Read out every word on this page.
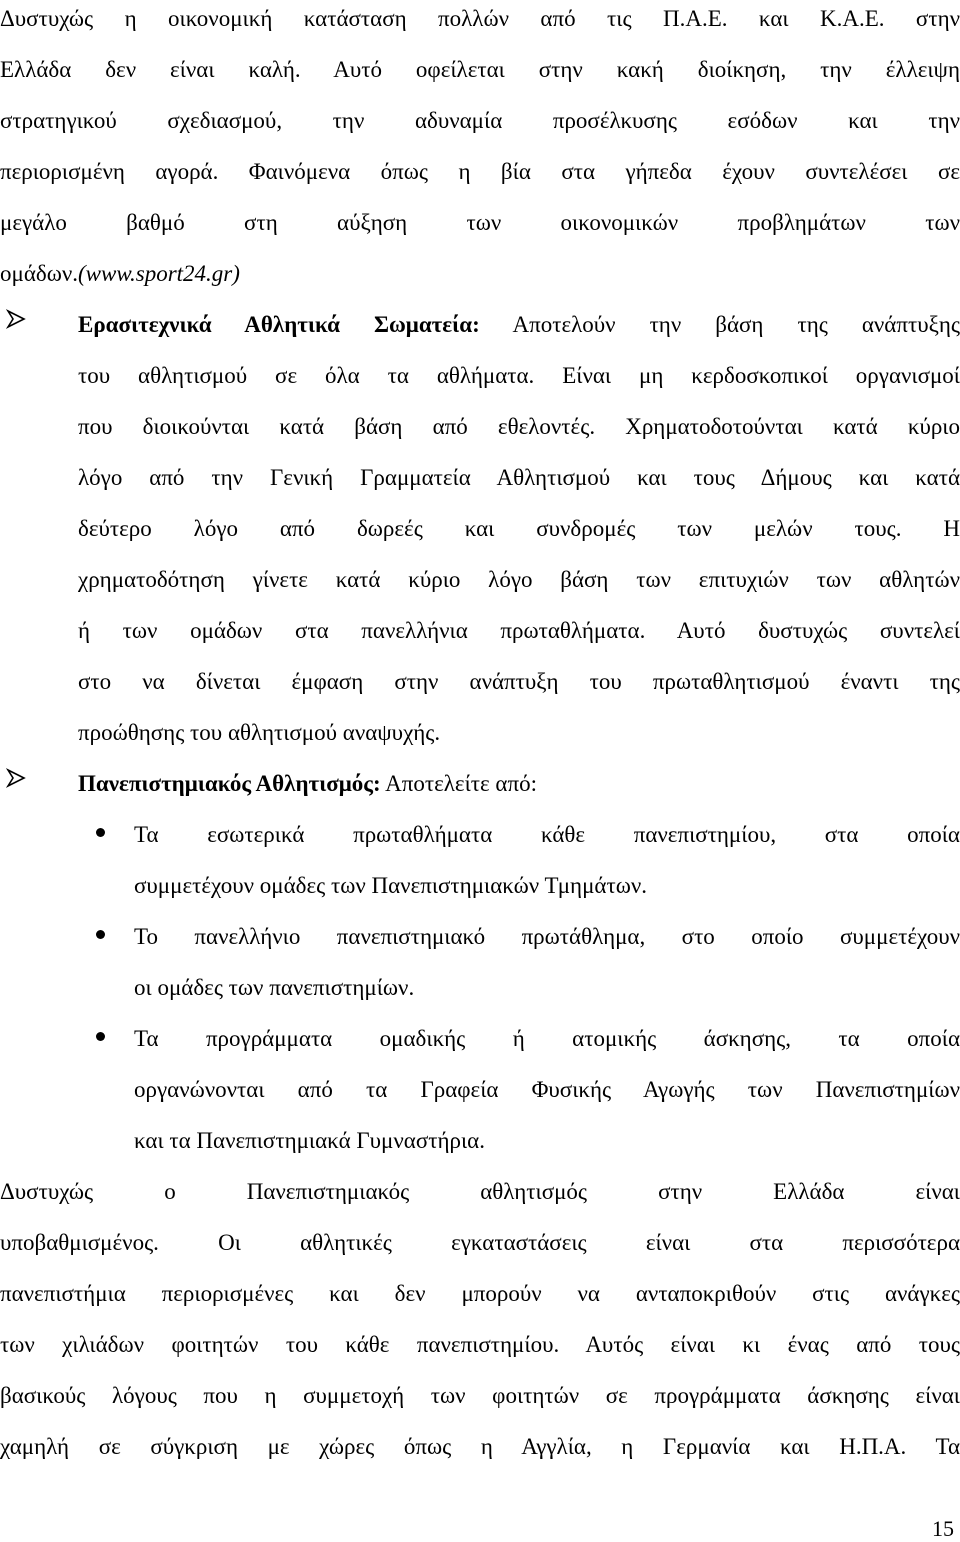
Δυστυχώς η οικονομική κατάσταση πολλών από τις Π.Α.Ε. και Κ.Α.Ε. στην
Ελλάδα δεν είναι καλή. Αυτό οφείλεται στην κακή διοίκηση, την έλλειψη
στρατηγικού σχεδιασμού, την αδυναμία προσέλκυσης εσόδων και την
περιορισμένη αγορά. Φαινόμενα όπως η βία στα γήπεδα έχουν συντελέσει σε
μεγάλο βαθμό στη αύξηση των οικονομικών προβλημάτων των
ομάδων.(www.sport24.gr)
Ερασιτεχνικά Αθλητικά Σωματεία: Αποτελούν την βάση της ανάπτυξης
του αθλητισμού σε όλα τα αθλήματα. Είναι μη κερδοσκοπικοί οργανισμοί
που διοικούνται κατά βάση από εθελοντές. Χρηματοδοτούνται κατά κύριο
λόγο από την Γενική Γραμματεία Αθλητισμού και τους Δήμους και κατά
δεύτερο λόγο από δωρεές και συνδρομές των μελών τους. Η
χρηματοδότηση γίνετε κατά κύριο λόγο βάση των επιτυχιών των αθλητών
ή των ομάδων στα πανελλήνια πρωταθλήματα. Αυτό δυστυχώς συντελεί
στο να δίνεται έμφαση στην ανάπτυξη του πρωταθλητισμού έναντι της
προώθησης του αθλητισμού αναψυχής.
Πανεπιστημιακός Αθλητισμός: Αποτελείτε από:
Τα εσωτερικά πρωταθλήματα κάθε πανεπιστημίου, στα οποία
συμμετέχουν ομάδες των Πανεπιστημιακών Τμημάτων.
Το πανελλήνιο πανεπιστημιακό πρωτάθλημα, στο οποίο συμμετέχουν
οι ομάδες των πανεπιστημίων.
Τα προγράμματα ομαδικής ή ατομικής άσκησης, τα οποία
οργανώνονται από τα Γραφεία Φυσικής Αγωγής των Πανεπιστημίων
και τα Πανεπιστημιακά Γυμναστήρια.
Δυστυχώς ο Πανεπιστημιακός αθλητισμός στην Ελλάδα είναι
υποβαθμισμένος. Οι αθλητικές εγκαταστάσεις είναι στα περισσότερα
πανεπιστήμια περιορισμένες και δεν μπορούν να ανταποκριθούν στις ανάγκες
των χιλιάδων φοιτητών του κάθε πανεπιστημίου. Αυτός είναι κι ένας από τους
βασικούς λόγους που η συμμετοχή των φοιτητών σε προγράμματα άσκησης είναι
χαμηλή σε σύγκριση με χώρες όπως η Αγγλία, η Γερμανία και Η.Π.Α. Τα
15
